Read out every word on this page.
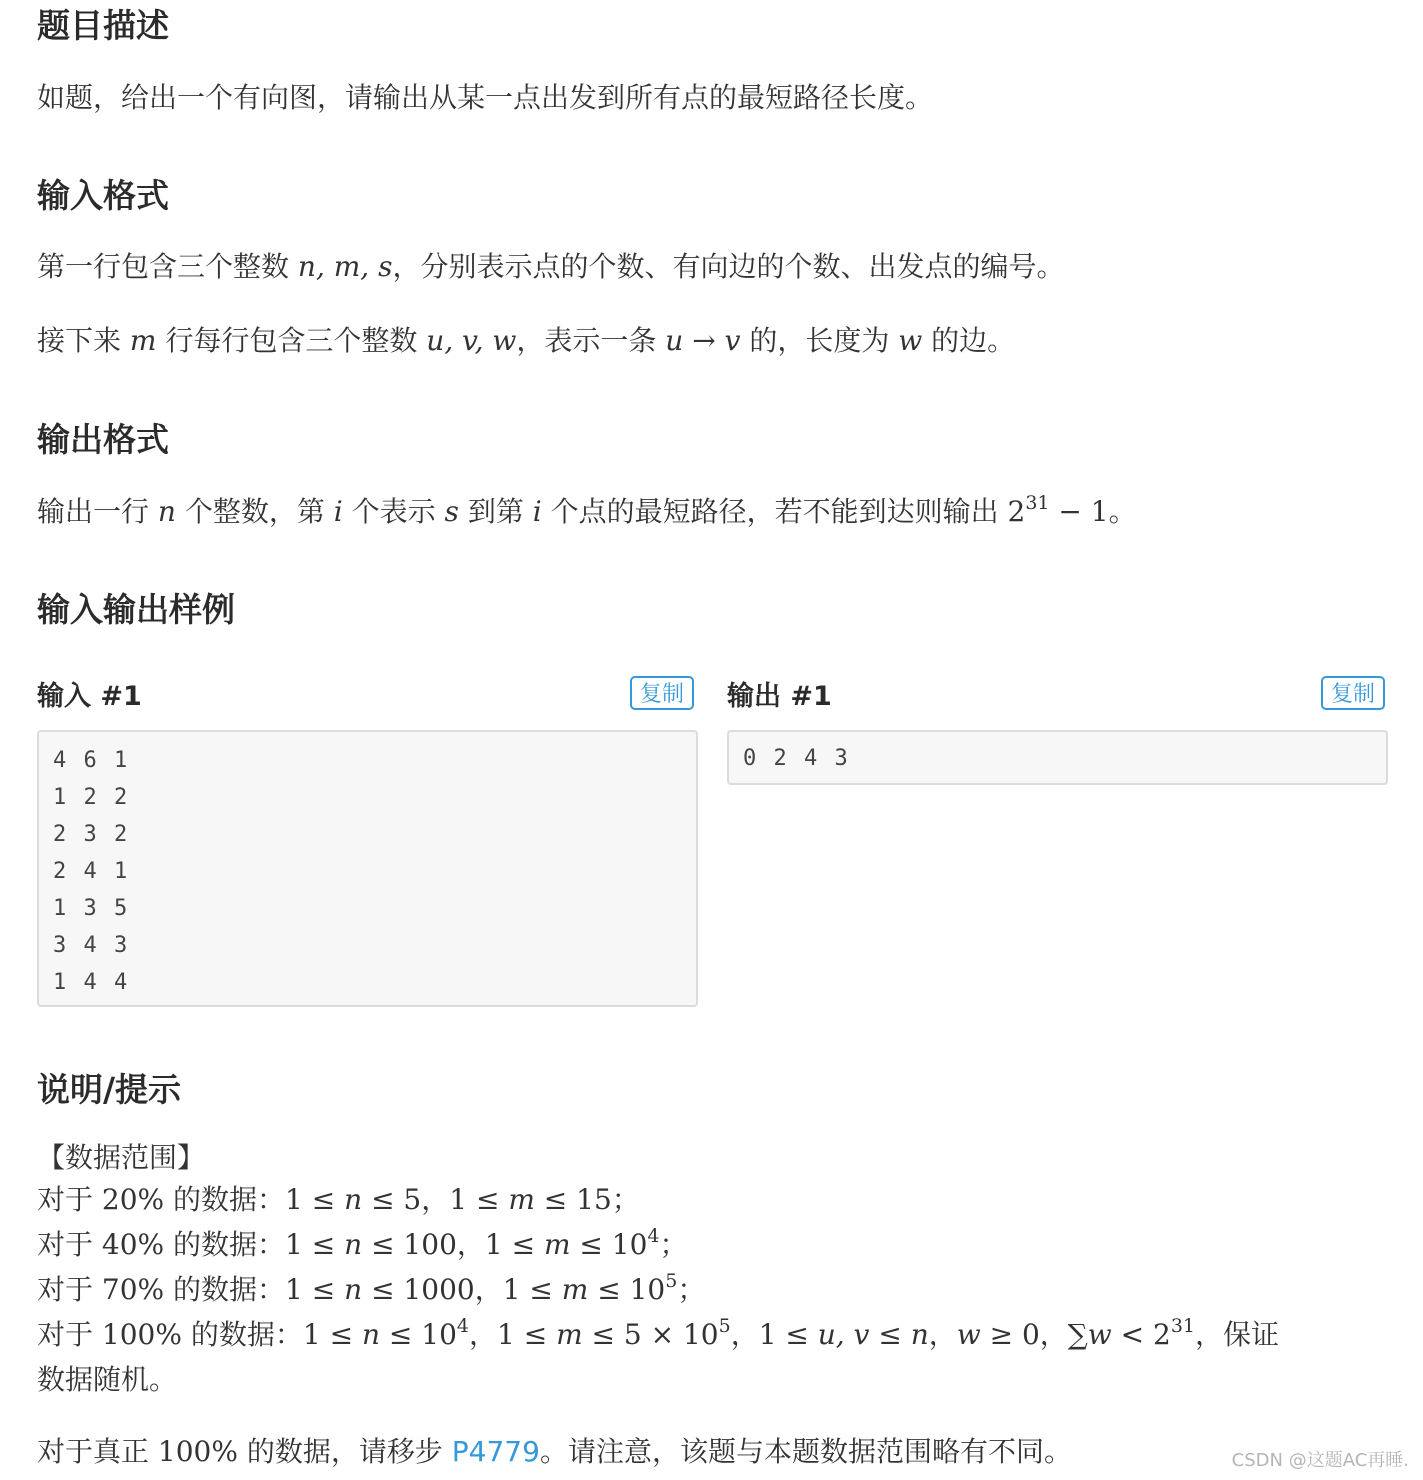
题目描述

如题，给出一个有向图，请输出从某一点出发到所有点的最短路径长度。

输入格式

第一行包含三个整数 n, m, s，分别表示点的个数、有向边的个数、出发点的编号。

接下来 m 行每行包含三个整数 u, v, w，表示一条 u → v 的，长度为 w 的边。

输出格式

输出一行 n 个整数，第 i 个表示 s 到第 i 个点的最短路径，若不能到达则输出 $2^{31} - 1$。

输入输出样例
输入 #1	复制
4 6 1
1 2 2
2 3 2
2 4 1
1 3 5
3 4 3
1 4 4
输出 #1	复制
0 2 4 3
说明/提示

【数据范围】

对于 20% 的数据：1 ≤ n ≤ 5，1 ≤ m ≤ 15；

对于 40% 的数据：1 ≤ n ≤ 100，$1 \le m \le 10^4$；

对于 70% 的数据：1 ≤ n ≤ 1000，$1 \le m \le 10^5$；

对于 100% 的数据：$1 \le n \le 10^4$，$1 \le m \le 5 \times 10^5$，1 ≤ u, v ≤ n，w ≥ 0，$\sum w < 2^{31}$，保证

数据随机。

对于真正 100% 的数据，请移步 P4779。请注意，该题与本题数据范围略有不同。	CSDN @这题AC再睡.
